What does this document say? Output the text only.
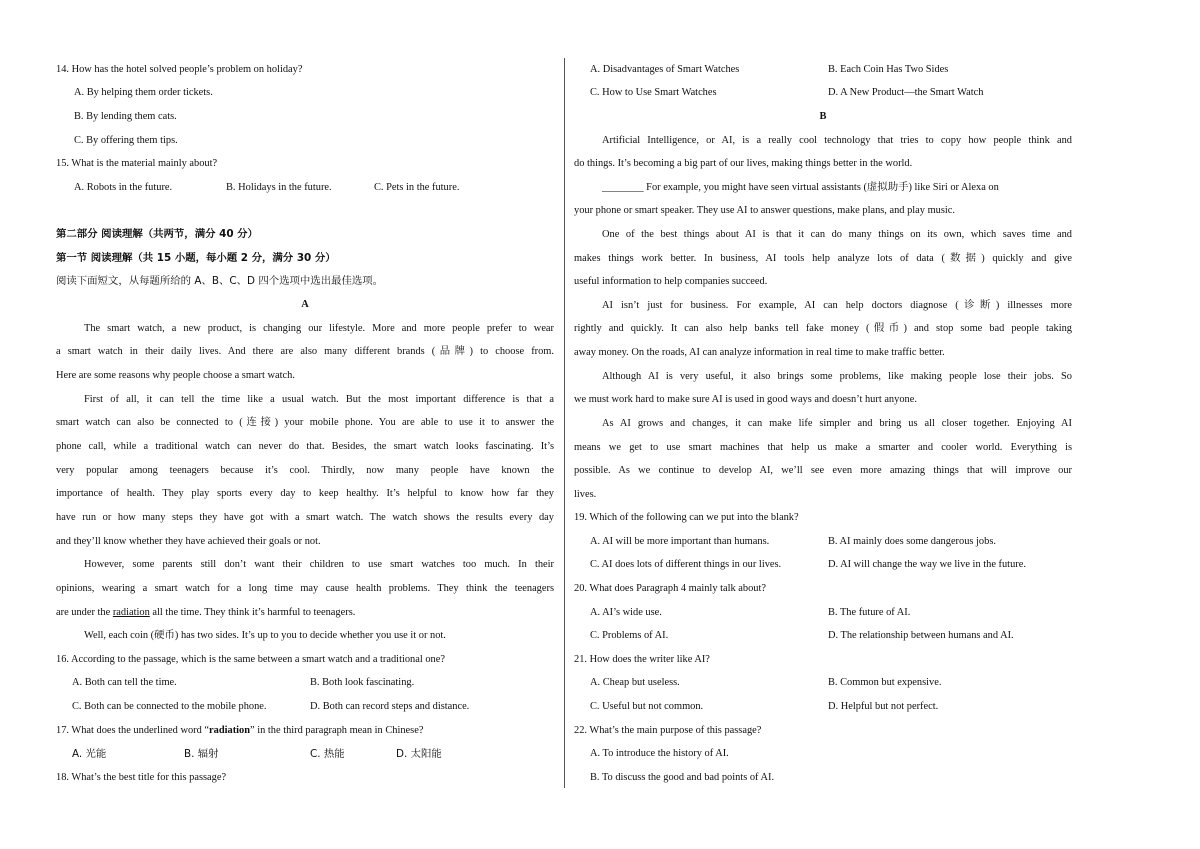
14. How has the hotel solved people’s problem on holiday?
A. By helping them order tickets.
B. By lending them cats.
C. By offering them tips.
15. What is the material mainly about?
A. Robots in the future.	B. Holidays in the future.	C. Pets in the future.
第二部分 阅读理解（共两节，满分 40 分）
第一节 阅读理解（共 15 小题，每小题 2 分，满分 30 分）
阅读下面短文，从每题所给的 A、B、C、D 四个选项中选出最佳选项。
A
The smart watch, a new product, is changing our lifestyle. More and more people prefer to wear
a smart watch in their daily lives. And there are also many different brands (品牌) to choose from.
Here are some reasons why people choose a smart watch.
First of all, it can tell the time like a usual watch. But the most important difference is that a
smart watch can also be connected to (连接) your mobile phone. You are able to use it to answer the
phone call, while a traditional watch can never do that. Besides, the smart watch looks fascinating. It’s
very popular among teenagers because it’s cool. Thirdly, now many people have known the
importance of health. They play sports every day to keep healthy. It’s helpful to know how far they
have run or how many steps they have got with a smart watch. The watch shows the results every day
and they’ll know whether they have achieved their goals or not.
However, some parents still don’t want their children to use smart watches too much. In their
opinions, wearing a smart watch for a long time may cause health problems. They think the teenagers
are under the radiation all the time. They think it’s harmful to teenagers.
Well, each coin (硬币) has two sides. It’s up to you to decide whether you use it or not.
16. According to the passage, which is the same between a smart watch and a traditional one?
A. Both can tell the time.	B. Both look fascinating.
C. Both can be connected to the mobile phone.	D. Both can record steps and distance.
17. What does the underlined word “radiation” in the third paragraph mean in Chinese?
A. 光能	B. 辐射	C. 热能	D. 太阳能
18. What’s the best title for this passage?
A. Disadvantages of Smart Watches	B. Each Coin Has Two Sides
C. How to Use Smart Watches	D. A New Product—the Smart Watch
B
Artificial Intelligence, or AI, is a really cool technology that tries to copy how people think and
do things. It’s becoming a big part of our lives, making things better in the world.
________ For example, you might have seen virtual assistants (虚拟助手) like Siri or Alexa on
your phone or smart speaker. They use AI to answer questions, make plans, and play music.
One of the best things about AI is that it can do many things on its own, which saves time and
makes things work better. In business, AI tools help analyze lots of data (数据) quickly and give
useful information to help companies succeed.
AI isn’t just for business. For example, AI can help doctors diagnose (诊断) illnesses more
rightly and quickly. It can also help banks tell fake money (假币) and stop some bad people taking
away money. On the roads, AI can analyze information in real time to make traffic better.
Although AI is very useful, it also brings some problems, like making people lose their jobs. So
we must work hard to make sure AI is used in good ways and doesn’t hurt anyone.
As AI grows and changes, it can make life simpler and bring us all closer together. Enjoying AI
means we get to use smart machines that help us make a smarter and cooler world. Everything is
possible. As we continue to develop AI, we’ll see even more amazing things that will improve our
lives.
19. Which of the following can we put into the blank?
A. AI will be more important than humans.	B. AI mainly does some dangerous jobs.
C. AI does lots of different things in our lives.	D. AI will change the way we live in the future.
20. What does Paragraph 4 mainly talk about?
A. AI’s wide use.	B. The future of AI.
C. Problems of AI.	D. The relationship between humans and AI.
21. How does the writer like AI?
A. Cheap but useless.	B. Common but expensive.
C. Useful but not common.	D. Helpful but not perfect.
22. What’s the main purpose of this passage?
A. To introduce the history of AI.
B. To discuss the good and bad points of AI.
